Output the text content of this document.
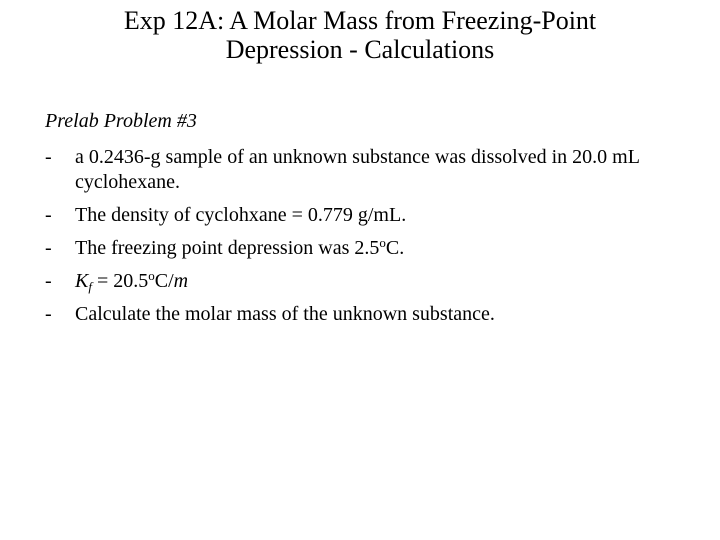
Exp 12A: A Molar Mass from Freezing-Point
Depression - Calculations

Prelab Problem #3

- a 0.2436-g sample of an unknown substance was dissolved in 20.0 mL cyclohexane.
- The density of cyclohxane = 0.779 g/mL.
- The freezing point depression was 2.5$^o$C.
- $K_f = 20.5^oC/m$
- Calculate the molar mass of the unknown substance.
